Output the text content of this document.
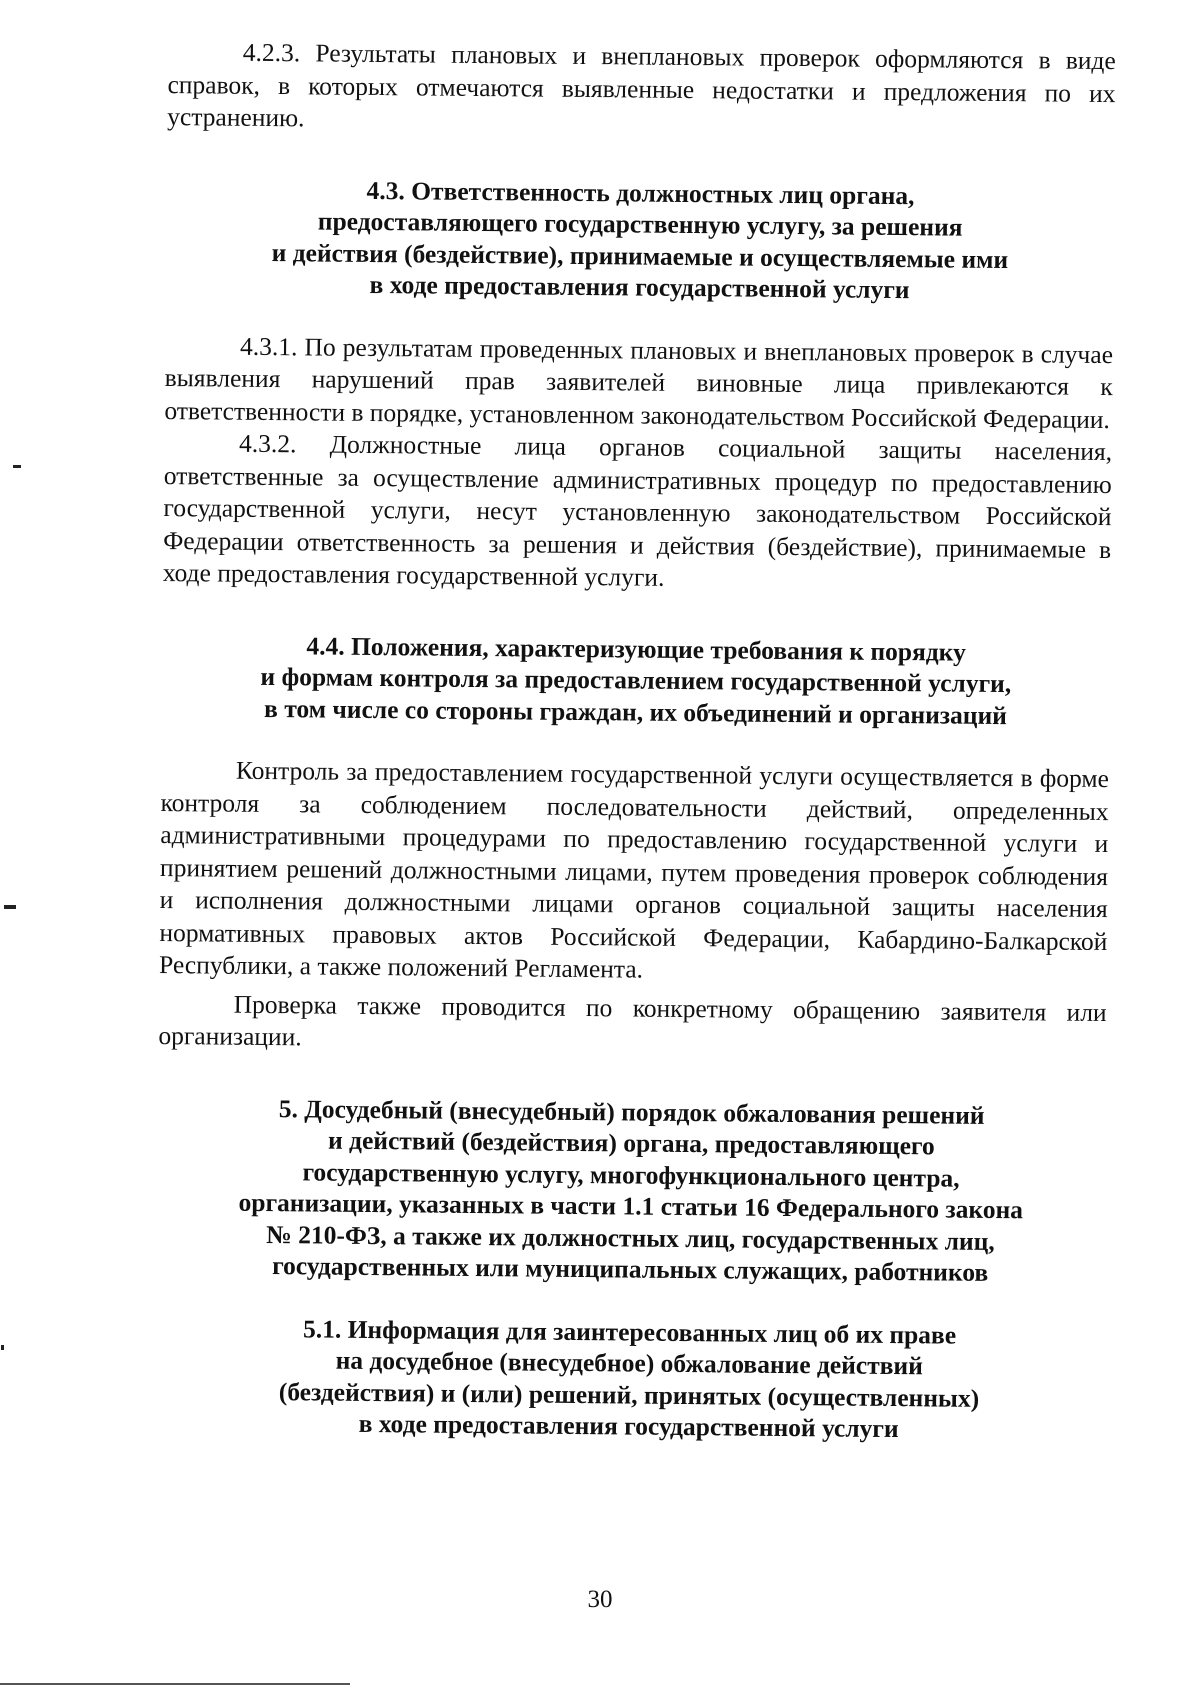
4.2.3. Результаты плановых и внеплановых проверок оформляются в виде справок, в которых отмечаются выявленные недостатки и предложения по их устранению.

4.3. Ответственность должностных лиц органа,
предоставляющего государственную услугу, за решения
и действия (бездействие), принимаемые и осуществляемые ими
в ходе предоставления государственной услуги

4.3.1. По результатам проведенных плановых и внеплановых проверок в случае выявления нарушений прав заявителей виновные лица привлекаются к ответственности в порядке, установленном законодательством Российской Федерации.

4.3.2. Должностные лица органов социальной защиты населения, ответственные за осуществление административных процедур по предоставлению государственной услуги, несут установленную законодательством Российской Федерации ответственность за решения и действия (бездействие), принимаемые в ходе предоставления государственной услуги.

4.4. Положения, характеризующие требования к порядку
и формам контроля за предоставлением государственной услуги,
в том числе со стороны граждан, их объединений и организаций

Контроль за предоставлением государственной услуги осуществляется в форме контроля за соблюдением последовательности действий, определенных административными процедурами по предоставлению государственной услуги и принятием решений должностными лицами, путем проведения проверок соблюдения и исполнения должностными лицами органов социальной защиты населения нормативных правовых актов Российской Федерации, Кабардино-Балкарской Республики, а также положений Регламента.

Проверка также проводится по конкретному обращению заявителя или организации.

5. Досудебный (внесудебный) порядок обжалования решений
и действий (бездействия) органа, предоставляющего
государственную услугу, многофункционального центра,
организации, указанных в части 1.1 статьи 16 Федерального закона
№ 210-ФЗ, а также их должностных лиц, государственных лиц,
государственных или муниципальных служащих, работников
5.1. Информация для заинтересованных лиц об их праве
на досудебное (внесудебное) обжалование действий
(бездействия) и (или) решений, принятых (осуществленных)
в ходе предоставления государственной услуги
30
